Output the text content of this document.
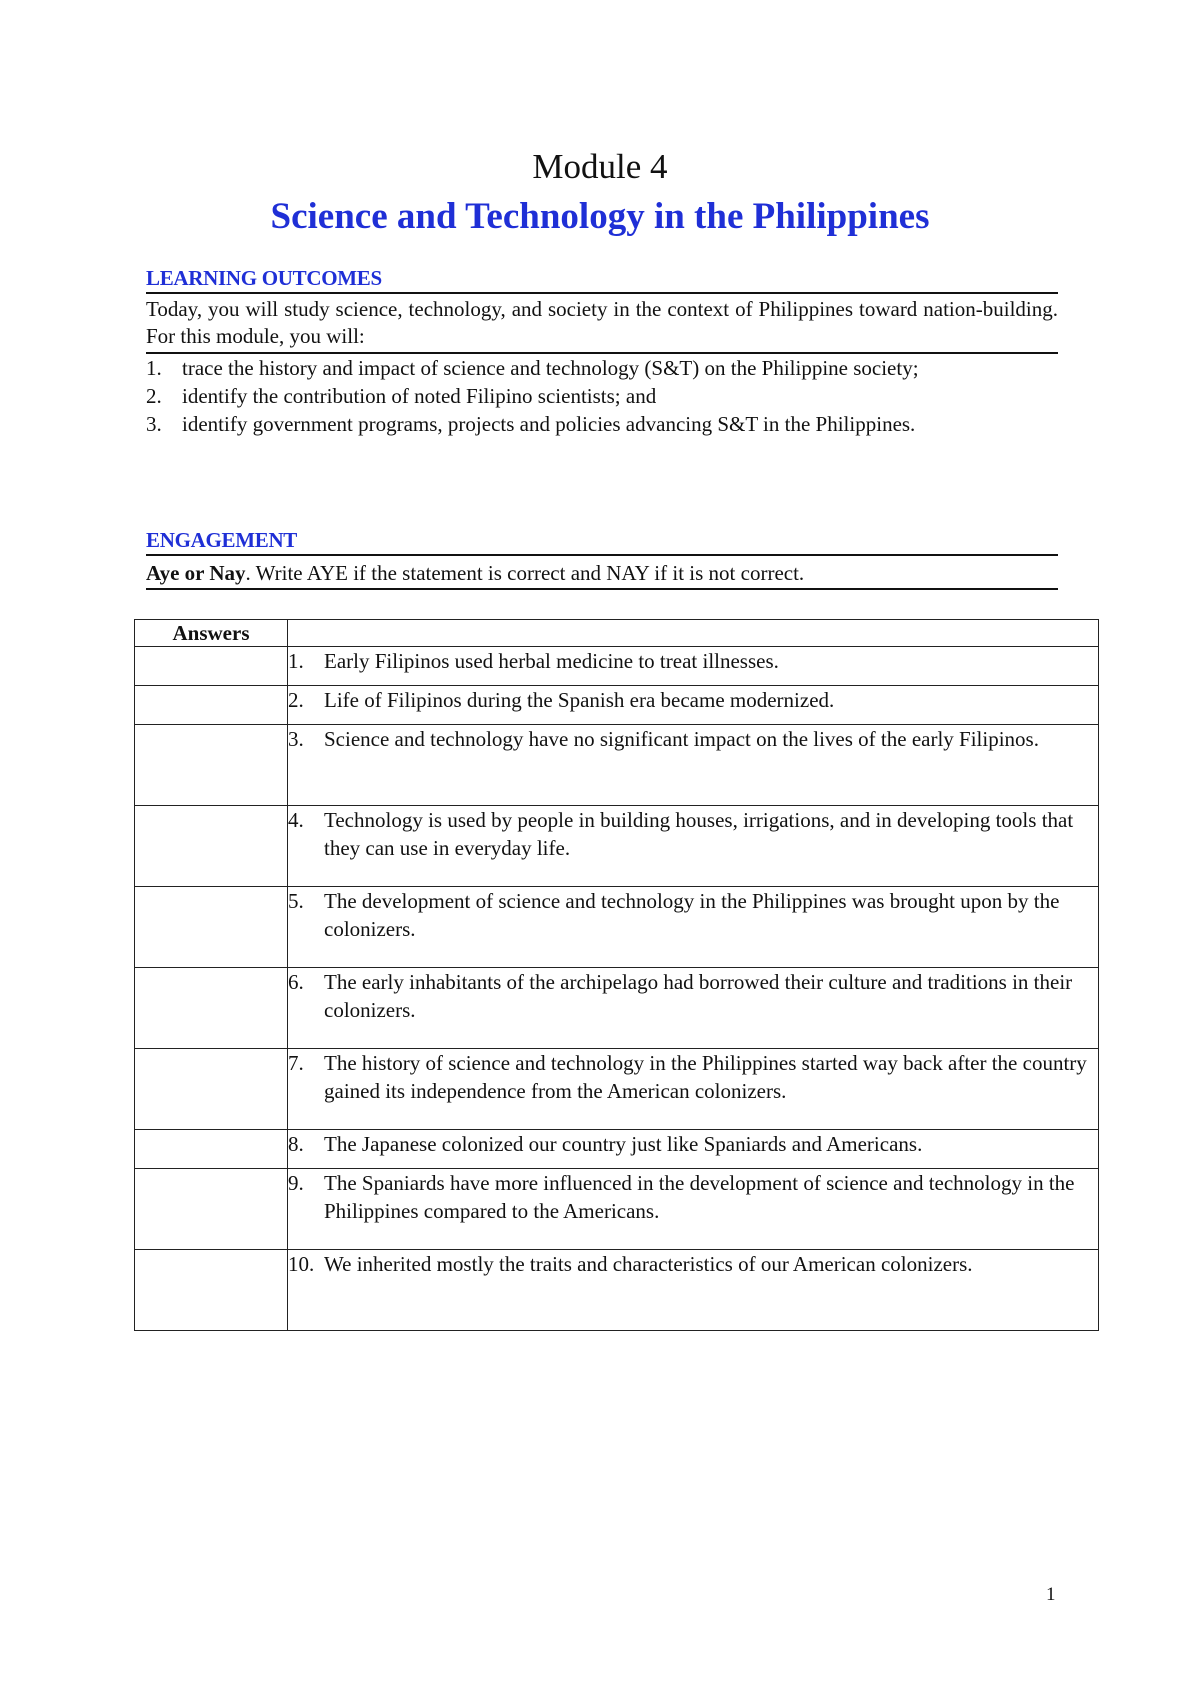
Module 4
Science and Technology in the Philippines
LEARNING OUTCOMES
Today, you will study science, technology, and society in the context of Philippines toward nation-building. For this module, you will:
1. trace the history and impact of science and technology (S&T) on the Philippine society;
2. identify the contribution of noted Filipino scientists; and
3. identify government programs, projects and policies advancing S&T in the Philippines.
ENGAGEMENT
Aye or Nay. Write AYE if the statement is correct and NAY if it is not correct.
Answers	

	1. Early Filipinos used herbal medicine to treat illnesses.

	2. Life of Filipinos during the Spanish era became modernized.

	3. Science and technology have no significant impact on the lives of the early Filipinos.

	4. Technology is used by people in building houses, irrigations, and in developing tools that they can use in everyday life.

	5. The development of science and technology in the Philippines was brought upon by the colonizers.

	6. The early inhabitants of the archipelago had borrowed their culture and traditions in their colonizers.

	7. The history of science and technology in the Philippines started way back after the country gained its independence from the American colonizers.

	8. The Japanese colonized our country just like Spaniards and Americans.

	9. The Spaniards have more influenced in the development of science and technology in the Philippines compared to the Americans.

	10. We inherited mostly the traits and characteristics of our American colonizers.
1
